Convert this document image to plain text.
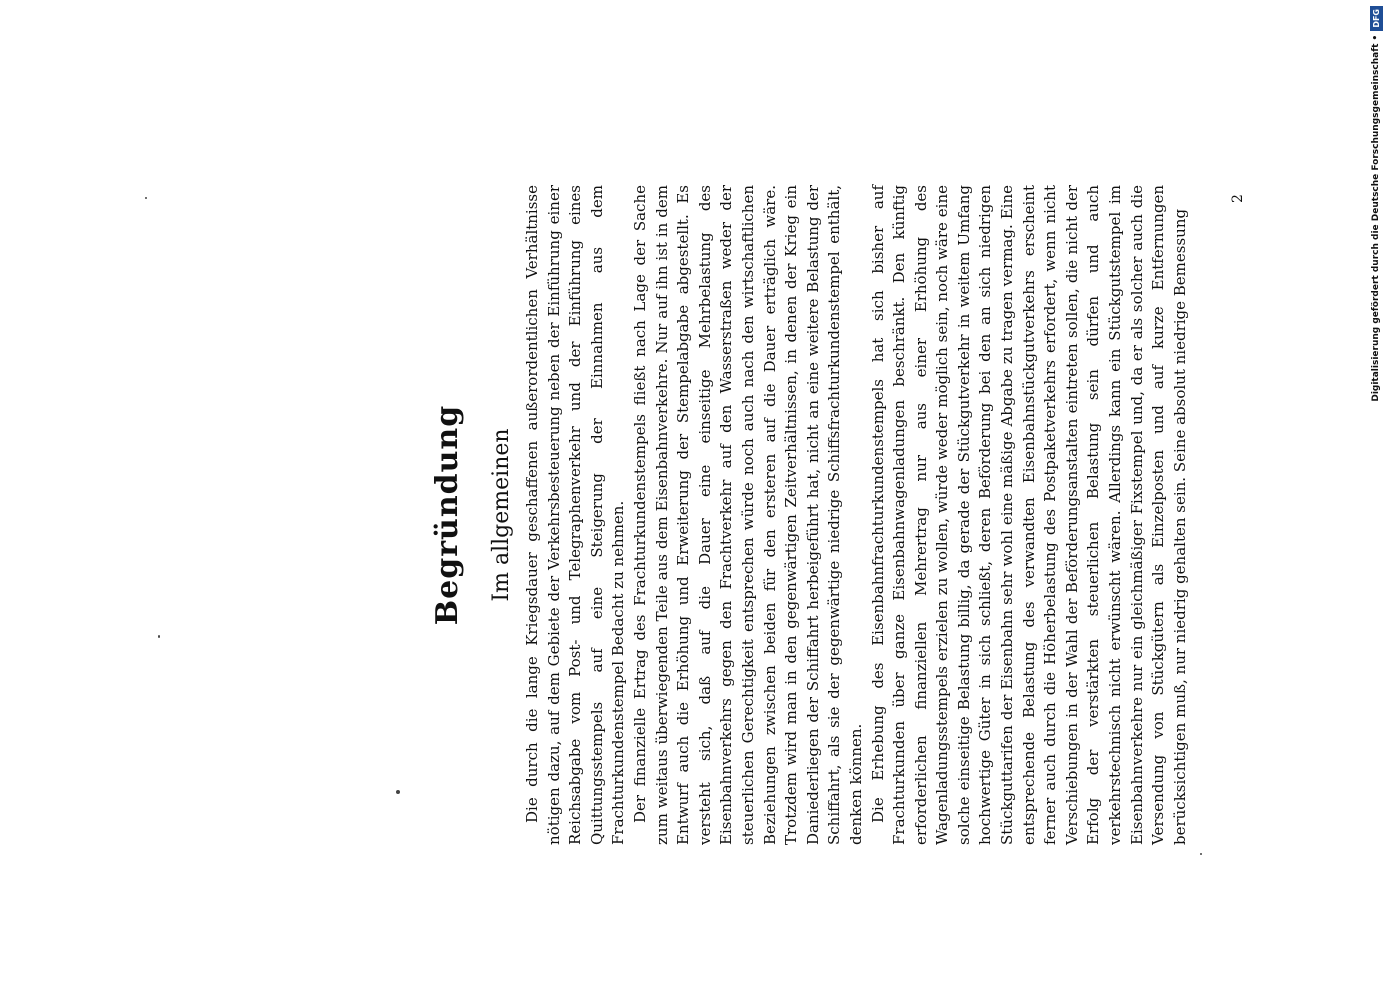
Begründung Im allgemeinen Die durch die lange Kriegsdauer geschaffenen außerordentlichen Verhältnisse nötigen dazu, auf dem Gebiete der Verkehrsbesteuerung neben der Einführung einer Reichsabgabe vom Post- und Telegraphenverkehr und der Einführung eines Quittungsstempels auf eine Steigerung der Einnahmen aus dem Frachturkundenstempel Bedacht zu nehmen. Der finanzielle Ertrag des Frachturkundenstempels fließt nach Lage der Sache zum weitaus überwiegenden Teile aus dem Eisenbahnverkehre. Nur auf ihn ist in dem Entwurf auch die Erhöhung und Erweiterung der Stempelabgabe abgestellt. Es versteht sich, daß auf die Dauer eine einseitige Mehrbelastung des Eisenbahnverkehrs gegen den Frachtverkehr auf den Wasserstraßen weder der steuerlichen Gerechtigkeit entsprechen würde noch auch nach den wirtschaftlichen Beziehungen zwischen beiden für den ersteren auf die Dauer erträglich wäre. Trotzdem wird man in den gegenwärtigen Zeitverhältnissen, in denen der Krieg ein Daniederliegen der Schiffahrt herbeigeführt hat, nicht an eine weitere Belastung der Schiffahrt, als sie der gegenwärtige niedrige Schiffsfrachturkundenstempel enthält, denken können. Die Erhebung des Eisenbahnfrachturkundenstempels hat sich bisher auf Frachturkunden über ganze Eisenbahnwagenladungen beschränkt. Den künftig erforderlichen finanziellen Mehrertrag nur aus einer Erhöhung des Wagenladungsstempels erzielen zu wollen, würde weder möglich sein, noch wäre eine solche einseitige Belastung billig, da gerade der Stückgutverkehr in weitem Umfang hochwertige Güter in sich schließt, deren Beförderung bei den an sich niedrigen Stückguttarifen der Eisenbahn sehr wohl eine mäßige Abgabe zu tragen vermag. Eine entsprechende Belastung des verwandten Eisenbahnstückgutverkehrs erscheint ferner auch durch die Höherbelastung des Postpaketverkehrs erfordert, wenn nicht Verschiebungen in der Wahl der Beförderungsanstalten eintreten sollen, die nicht der Erfolg der verstärkten steuerlichen Belastung sein dürfen und auch verkehrstechnisch nicht erwünscht wären. Allerdings kann ein Stückgutstempel im Eisenbahnverkehre nur ein gleichmäßiger Fixstempel und, da er als solcher auch die Versendung von Stückgütern als Einzelposten und auf kurze Entfernungen berücksichtigen muß, nur niedrig gehalten sein. Seine absolut niedrige Bemessung

2	Digitalisierung gefördert durch die Deutsche Forschungsgemeinschaft •
DFG
